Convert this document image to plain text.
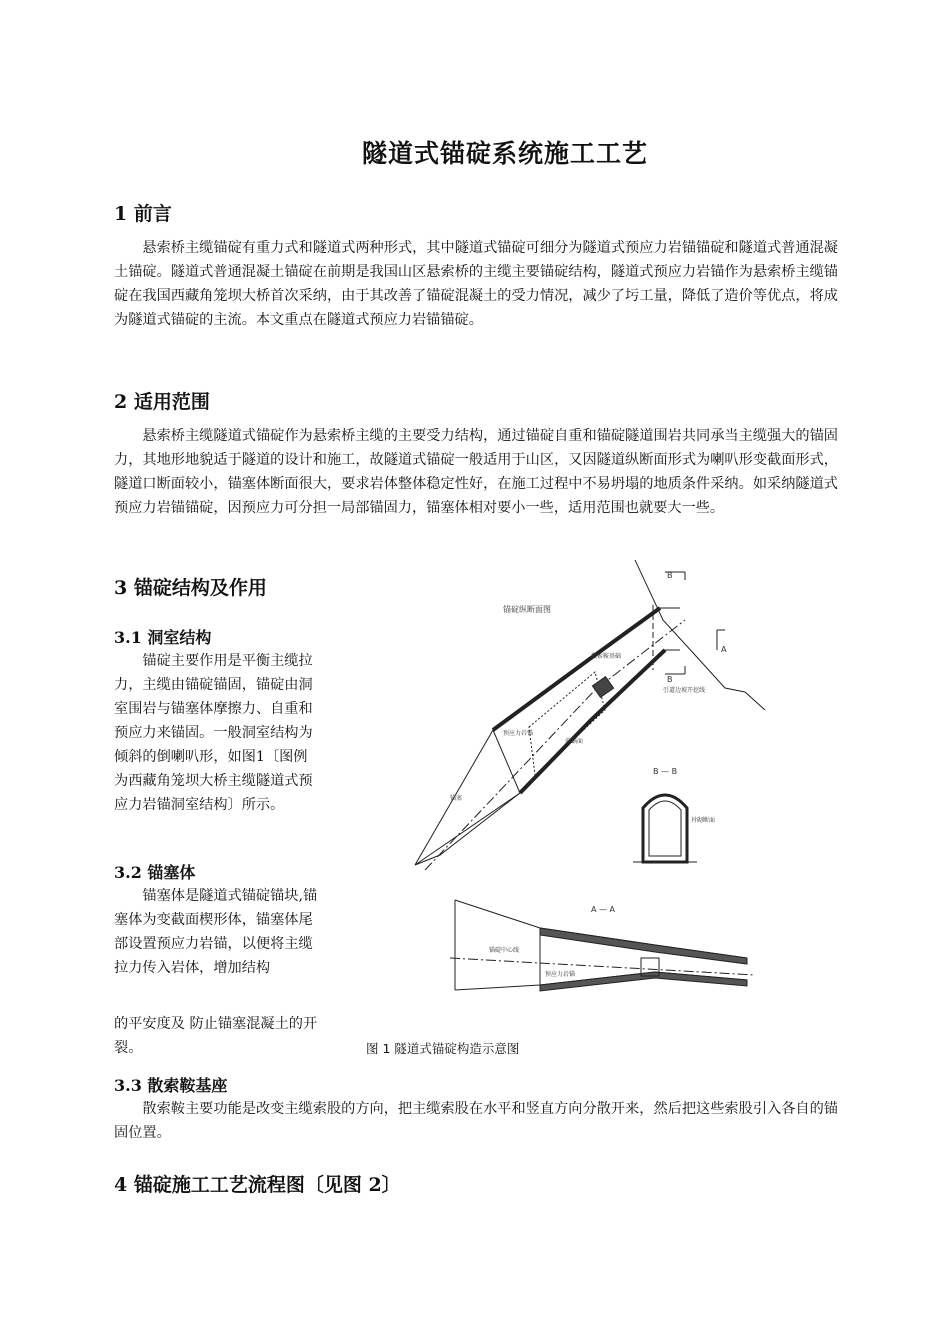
隧道式锚碇系统施工工艺
1 前言

悬索桥主缆锚碇有重力式和隧道式两种形式，其中隧道式锚碇可细分为隧道式预应力岩锚锚碇和隧道式普通混凝土锚碇。隧道式普通混凝土锚碇在前期是我国山区悬索桥的主缆主要锚碇结构，隧道式预应力岩锚作为悬索桥主缆锚碇在我国西藏角笼坝大桥首次采纳，由于其改善了锚碇混凝土的受力情况，减少了圬工量，降低了造价等优点，将成为隧道式锚碇的主流。本文重点在隧道式预应力岩锚锚碇。

2 适用范围

悬索桥主缆隧道式锚碇作为悬索桥主缆的主要受力结构，通过锚碇自重和锚碇隧道围岩共同承当主缆强大的锚固力，其地形地貌适于隧道的设计和施工，故隧道式锚碇一般适用于山区，又因隧道纵断面形式为喇叭形变截面形式，隧道口断面较小，锚塞体断面很大，要求岩体整体稳定性好，在施工过程中不易坍塌的地质条件采纳。如采纳隧道式预应力岩锚锚碇，因预应力可分担一局部锚固力，锚塞体相对要小一些，适用范围也就要大一些。

3 锚碇结构及作用
3.1 洞室结构

锚碇主要作用是平衡主缆拉力，主缆由锚碇锚固，锚碇由洞室围岩与锚塞体摩擦力、自重和预应力来锚固。一般洞室结构为倾斜的倒喇叭形，如图1〔图例为西藏角笼坝大桥主缆隧道式预应力岩锚洞室结构〕所示。

3.2 锚塞体

锚塞体是隧道式锚碇锚块,锚塞体为变截面楔形体，锚塞体尾部设置预应力岩锚，以便将主缆拉力传入岩体，增加结构

的平安度及 防止锚塞混凝土的开裂。

3.3 散索鞍基座

散索鞍主要功能是改变主缆索股的方向，把主缆索股在水平和竖直方向分散开来，然后把这些索股引入各自的锚固位置。

4 锚碇施工工艺流程图〔见图 2〕
锚碇纵断面图
B
B
A
散索鞍基础
引道边坡开挖线
前锚面
预应力岩锚
锚塞
B — B
衬砌断面
A — A
锚碇中心线
预应力岩锚
图 1 隧道式锚碇构造示意图
